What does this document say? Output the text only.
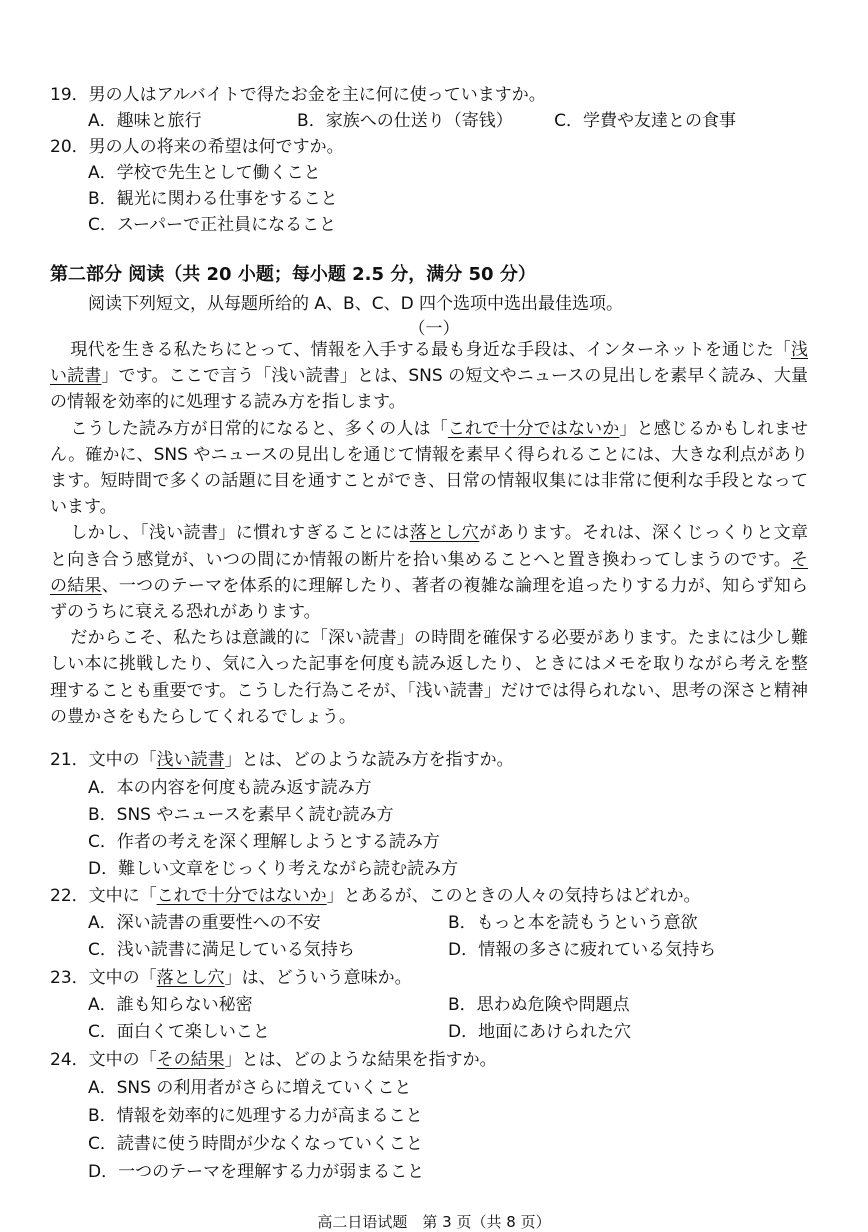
19．男の人はアルバイトで得たお金を主に何に使っていますか。
A．趣味と旅行	B．家族への仕送り（寄钱） C．学費や友達との食事
20．男の人の将来の希望は何ですか。
A．学校で先生として働くこと
B．観光に関わる仕事をすること
C．スーパーで正社員になること
第二部分 阅读（共 20 小题；每小题 2.5 分，满分 50 分）
阅读下列短文，从每题所给的 A、B、C、D 四个选项中选出最佳选项。
（一）

現代を生きる私たちにとって、情報を入手する最も身近な手段は、インターネットを通じた「浅い読書」です。ここで言う「浅い読書」とは、SNS の短文やニュースの見出しを素早く読み、大量の情報を効率的に処理する読み方を指します。

こうした読み方が日常的になると、多くの人は「これで十分ではないか」と感じるかもしれません。確かに、SNS やニュースの見出しを通じて情報を素早く得られることには、大きな利点があります。短時間で多くの話題に目を通すことができ、日常の情報収集には非常に便利な手段となっています。

しかし、「浅い読書」に慣れすぎることには落とし穴があります。それは、深くじっくりと文章と向き合う感覚が、いつの間にか情報の断片を拾い集めることへと置き換わってしまうのです。その結果、一つのテーマを体系的に理解したり、著者の複雑な論理を追ったりする力が、知らず知らずのうちに衰える恐れがあります。

だからこそ、私たちは意識的に「深い読書」の時間を確保する必要があります。たまには少し難しい本に挑戦したり、気に入った記事を何度も読み返したり、ときにはメモを取りながら考えを整理することも重要です。こうした行為こそが、「浅い読書」だけでは得られない、思考の深さと精神の豊かさをもたらしてくれるでしょう。

21．文中の「浅い読書」とは、どのような読み方を指すか。
A．本の内容を何度も読み返す読み方
B．SNS やニュースを素早く読む読み方
C．作者の考えを深く理解しようとする読み方
D．難しい文章をじっくり考えながら読む読み方
22．文中に「これで十分ではないか」とあるが、このときの人々の気持ちはどれか。
A．深い読書の重要性への不安	B．もっと本を読もうという意欲
C．浅い読書に満足している気持ち	D．情報の多さに疲れている気持ち
23．文中の「落とし穴」は、どういう意味か。
A．誰も知らない秘密	B．思わぬ危険や問題点
C．面白くて楽しいこと	D．地面にあけられた穴
24．文中の「その結果」とは、どのような結果を指すか。
A．SNS の利用者がさらに増えていくこと
B．情報を効率的に処理する力が高まること
C．読書に使う時間が少なくなっていくこと
D．一つのテーマを理解する力が弱まること
高二日语试题　第 3 页（共 8 页）
